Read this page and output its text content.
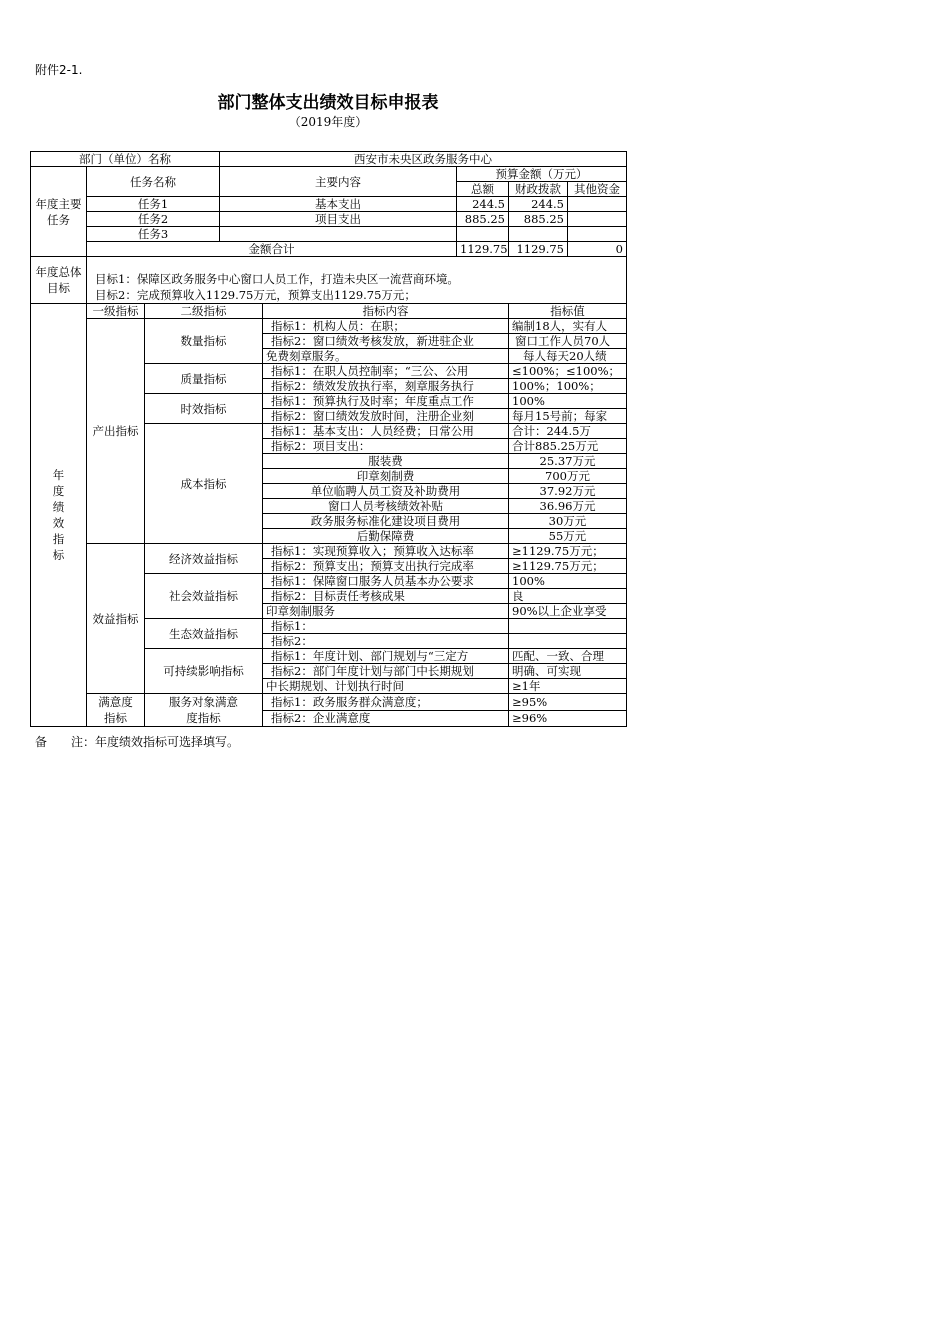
附件2-1.
部门整体支出绩效目标申报表
（2019年度）
部门（单位）名称			西安市未央区政务服务中心				
年度主要任务	任务名称		主要内容		预算金额（万元）		
					总额	财政拨款	其他资金
	任务1		基本支出		244.5	244.5	
	任务2		项目支出		885.25	885.25	
	任务3						
	金额合计				1129.75	1129.75	0
年度总体目标	目标1：保障区政务服务中心窗口人员工作，打造未央区一流营商环境。
目标2：完成预算收入1129.75万元，预算支出1129.75万元；						

年度绩效指标	一级指标	二级指标		指标内容		指标值	
	产出指标	数量指标		指标1：机构人员：在职；		编制18人，实有人	
				指标2：窗口绩效考核发放，新进驻企业		窗口工作人员70人	
				免费刻章服务。		每人每天20人绩	
		质量指标		指标1：在职人员控制率；“三公、公用		≤100%；≤100%；	
				指标2：绩效发放执行率，刻章服务执行		100%；100%；	
		时效指标		指标1：预算执行及时率；年度重点工作		100%	
				指标2：窗口绩效发放时间，注册企业刻		每月15号前；每家	
		成本指标		指标1：基本支出：人员经费；日常公用		合计：244.5万	
				指标2：项目支出：		合计885.25万元	
				服装费		25.37万元	
				印章刻制费		700万元	
				单位临聘人员工资及补助费用		37.92万元	
				窗口人员考核绩效补贴		36.96万元	
				政务服务标准化建设项目费用		30万元	
				后勤保障费		55万元	
	效益指标	经济效益指标		指标1：实现预算收入；预算收入达标率		≥1129.75万元；	
				指标2：预算支出；预算支出执行完成率		≥1129.75万元；	
		社会效益指标		指标1：保障窗口服务人员基本办公要求		100%	
				指标2：目标责任考核成果		良	
				印章刻制服务		90%以上企业享受	
		生态效益指标		指标1：			
				指标2：			
		可持续影响指标		指标1：年度计划、部门规划与“三定方		匹配、一致、合理	
				指标2：部门年度计划与部门中长期规划		明确、可实现	
				中长期规划、计划执行时间		≥1年	
	满意度指标	服务对象满意度指标		指标1：政务服务群众满意度；		≥95%	
				指标2：企业满意度		≥96%	
备　　注：年度绩效指标可选择填写。
